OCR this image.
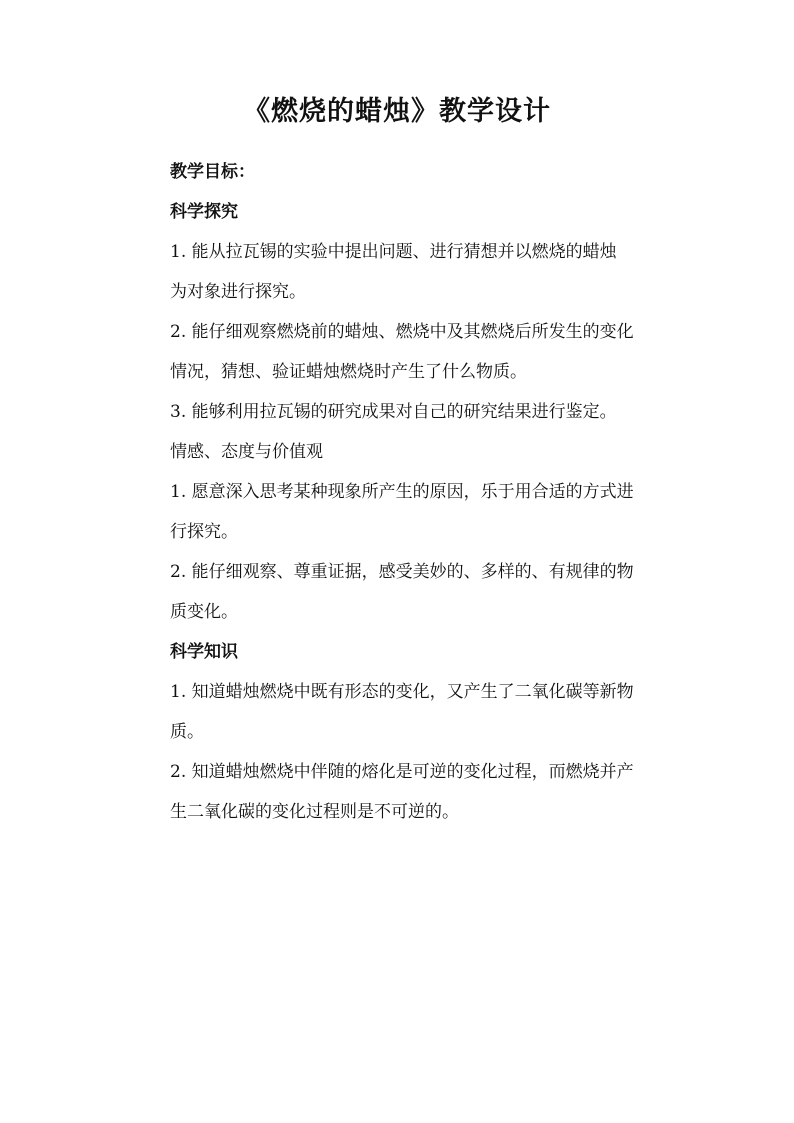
《燃烧的蜡烛》教学设计

教学目标：

科学探究

1. 能从拉瓦锡的实验中提出问题、进行猜想并以燃烧的蜡烛

为对象进行探究。

2. 能仔细观察燃烧前的蜡烛、燃烧中及其燃烧后所发生的变化

情况，猜想、验证蜡烛燃烧时产生了什么物质。

3. 能够利用拉瓦锡的研究成果对自己的研究结果进行鉴定。

情感、态度与价值观

1. 愿意深入思考某种现象所产生的原因，乐于用合适的方式进

行探究。

2. 能仔细观察、尊重证据，感受美妙的、多样的、有规律的物

质变化。

科学知识

1. 知道蜡烛燃烧中既有形态的变化，又产生了二氧化碳等新物

质。

2. 知道蜡烛燃烧中伴随的熔化是可逆的变化过程，而燃烧并产

生二氧化碳的变化过程则是不可逆的。
